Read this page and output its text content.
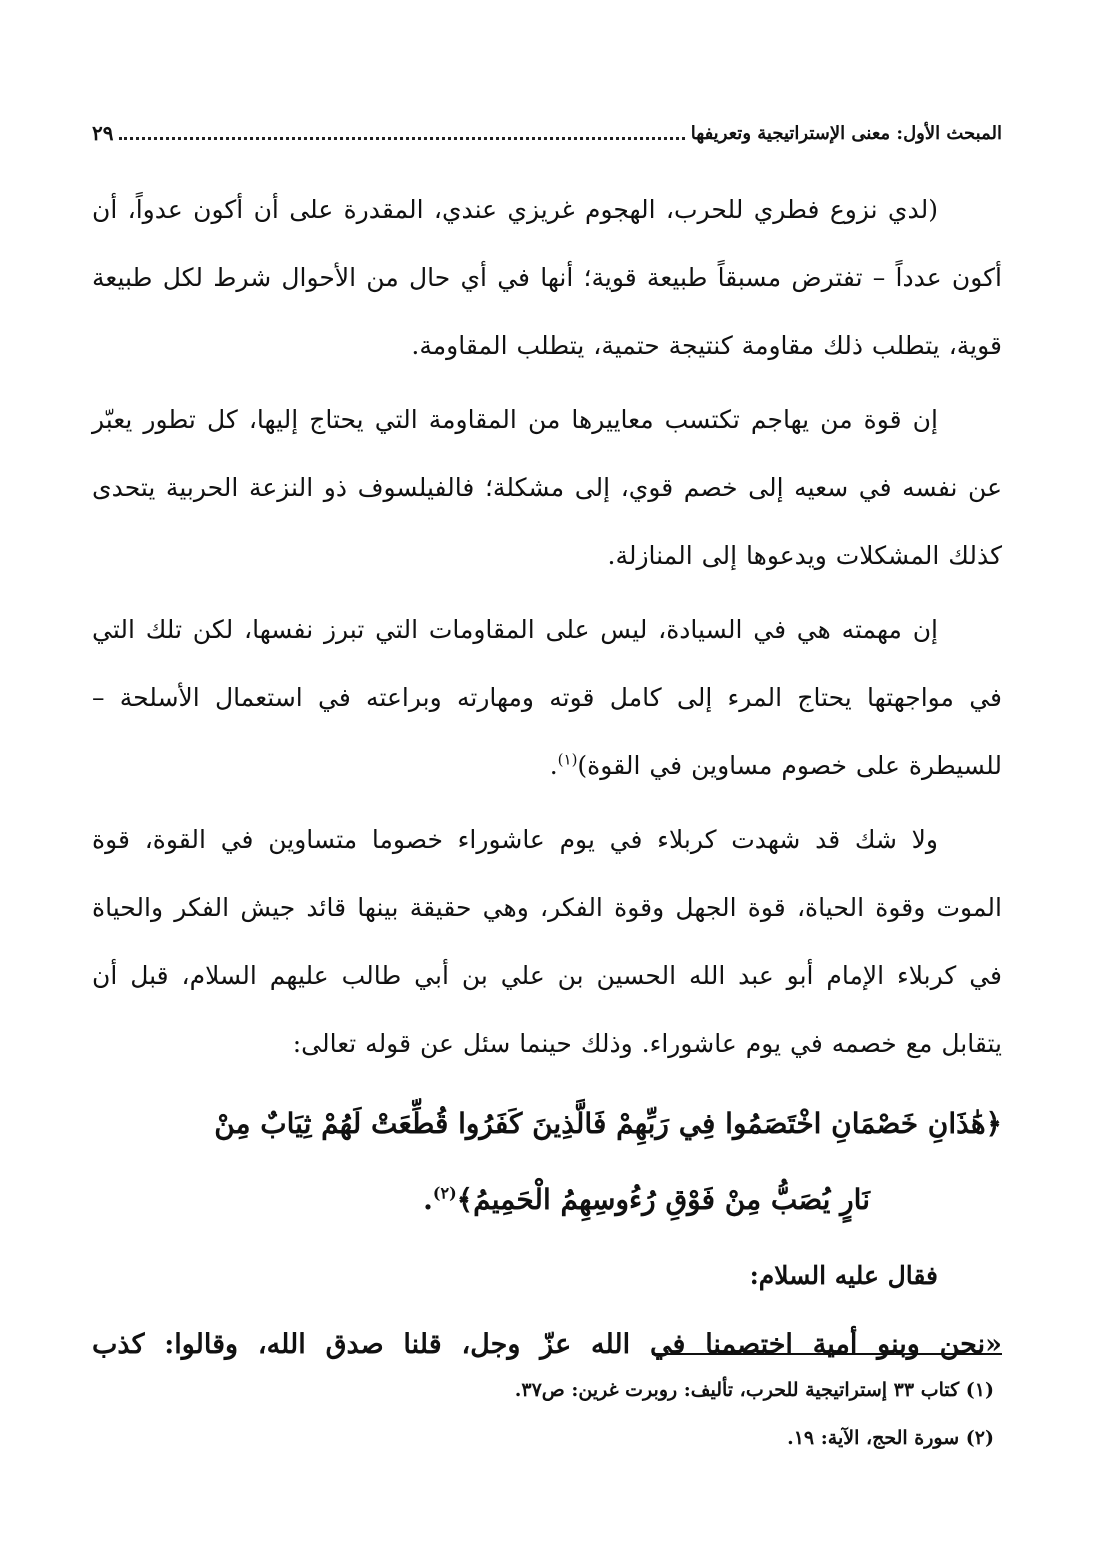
المبحث الأول: معنى الإستراتيجية وتعريفها
٢٩

(لدي نزوع فطري للحرب، الهجوم غريزي عندي، المقدرة على أن أكون عدواً، أن أكون عدداً – تفترض مسبقاً طبيعة قوية؛ أنها في أي حال من الأحوال شرط لكل طبيعة قوية، يتطلب ذلك مقاومة كنتيجة حتمية، يتطلب المقاومة.

إن قوة من يهاجم تكتسب معاييرها من المقاومة التي يحتاج إليها، كل تطور يعبّر عن نفسه في سعيه إلى خصم قوي، إلى مشكلة؛ فالفيلسوف ذو النزعة الحربية يتحدى كذلك المشكلات ويدعوها إلى المنازلة.

إن مهمته هي في السيادة، ليس على المقاومات التي تبرز نفسها، لكن تلك التي في مواجهتها يحتاج المرء إلى كامل قوته ومهارته وبراعته في استعمال الأسلحة – للسيطرة على خصوم مساوين في القوة)$^{(١)}$.

ولا شك قد شهدت كربلاء في يوم عاشوراء خصوما متساوين في القوة، قوة الموت وقوة الحياة، قوة الجهل وقوة الفكر، وهي حقيقة بينها قائد جيش الفكر والحياة في كربلاء الإمام أبو عبد الله الحسين بن علي بن أبي طالب عليهم السلام، قبل أن يتقابل مع خصمه في يوم عاشوراء. وذلك حينما سئل عن قوله تعالى:

﴿هَٰذَانِ خَصْمَانِ اخْتَصَمُوا فِي رَبِّهِمْ فَالَّذِينَ كَفَرُوا قُطِّعَتْ لَهُمْ ثِيَابٌ مِنْ
نَارٍ يُصَبُّ مِنْ فَوْقِ رُءُوسِهِمُ الْحَمِيمُ﴾$^{(٢)}$.

فقال عليه السلام:

«نحن وبنو أمية اختصمنا في الله عزّ وجل، قلنا صدق الله، وقالوا: كذب

(١) كتاب ٣٣ إستراتيجية للحرب، تأليف: روبرت غرين: ص٣٧.

(٢) سورة الحج، الآية: ١٩.
